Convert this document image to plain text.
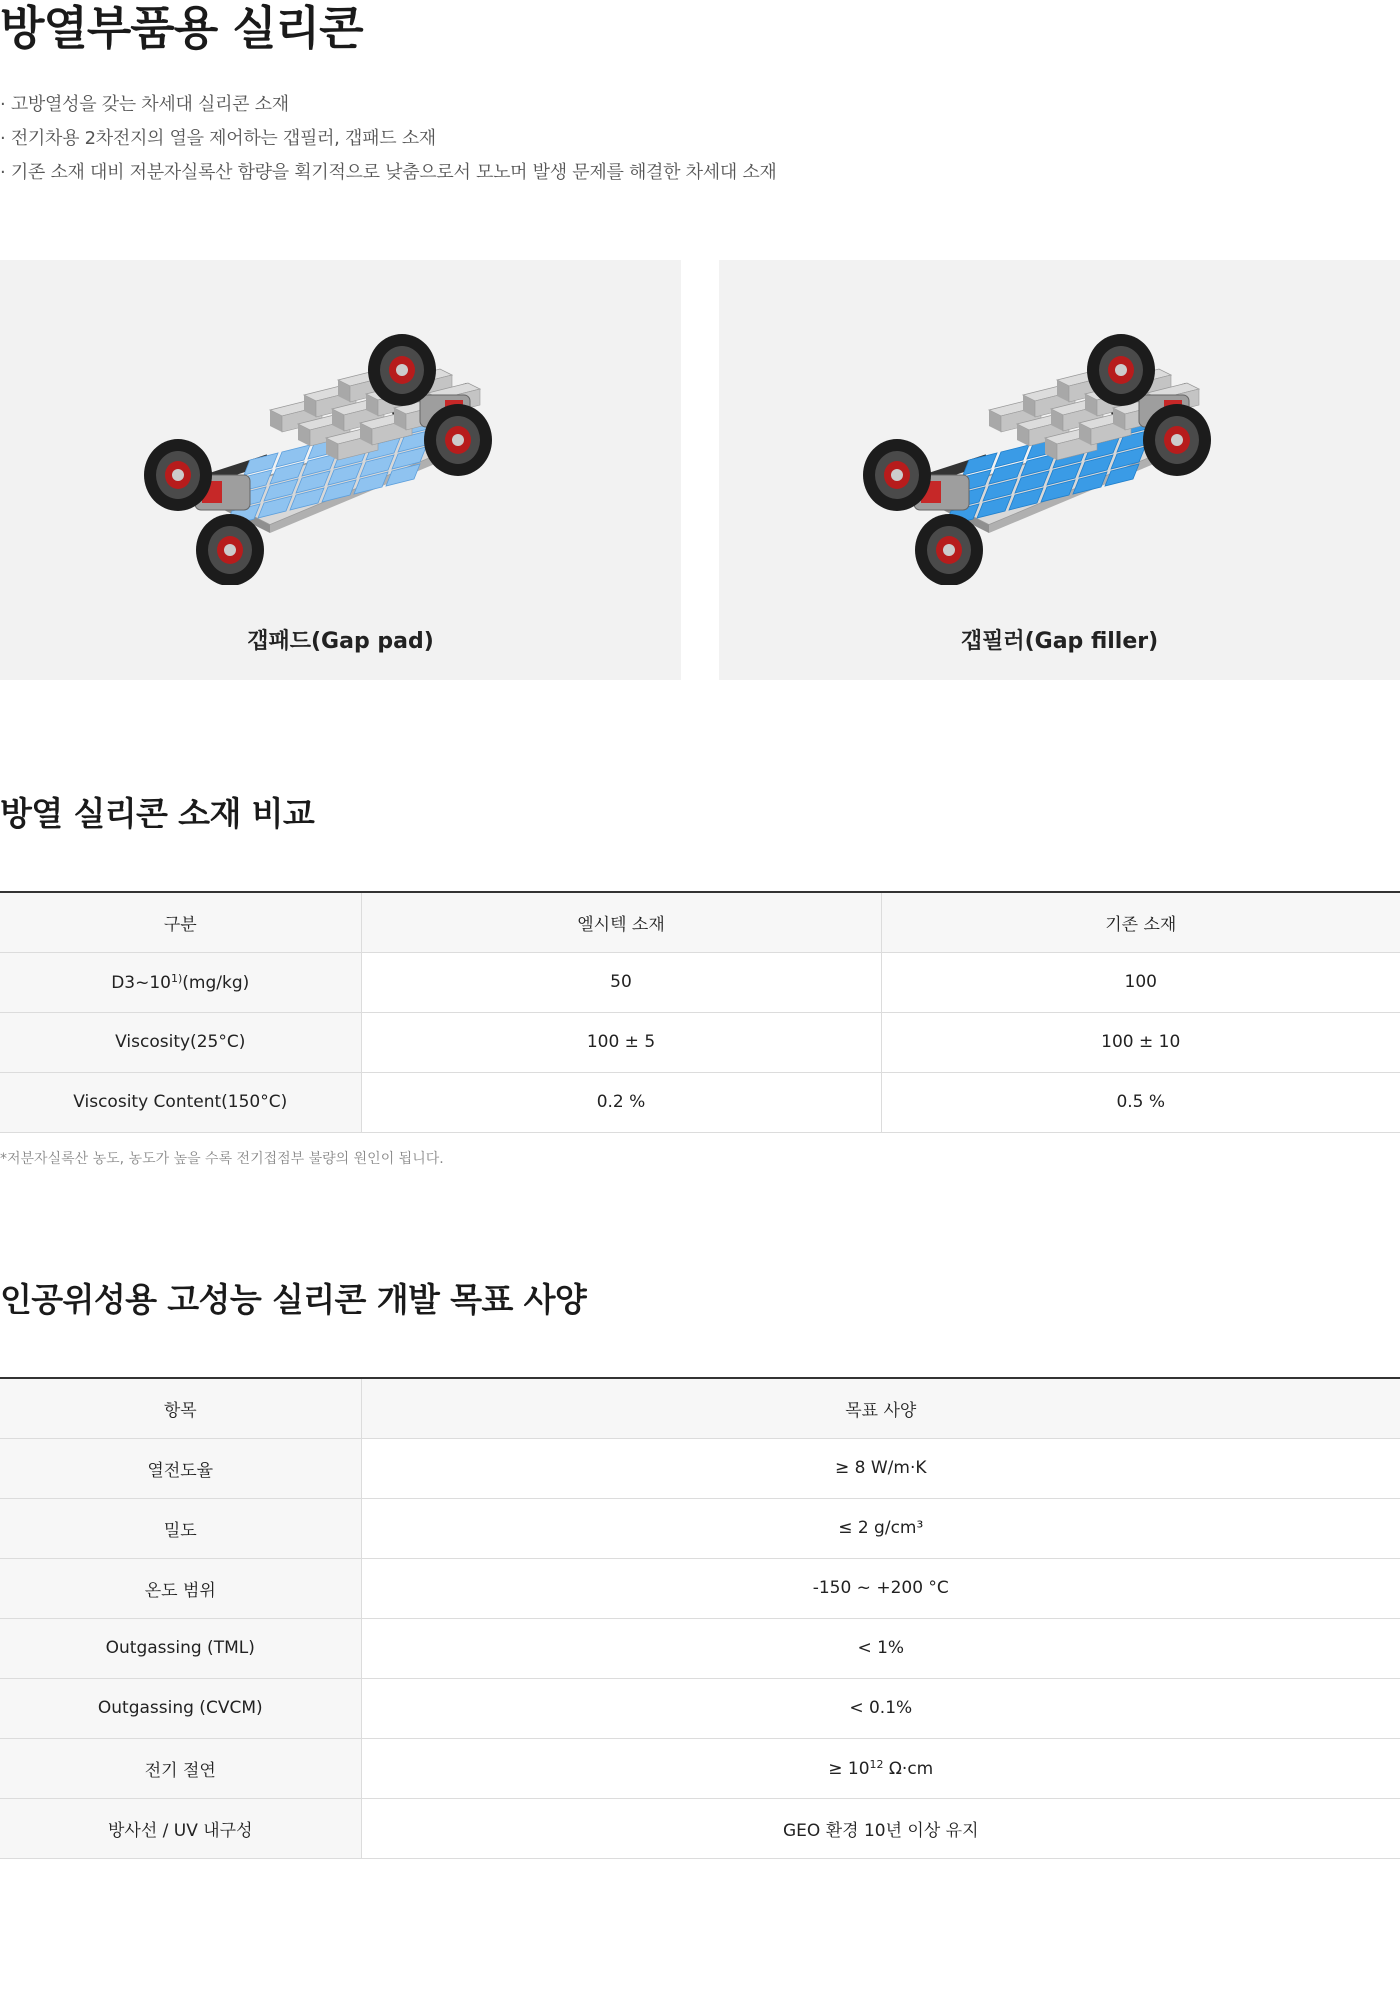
방열부품용 실리콘
· 고방열성을 갖는 차세대 실리콘 소재
· 전기차용 2차전지의 열을 제어하는 갭필러, 갭패드 소재
· 기존 소재 대비 저분자실록산 함량을 획기적으로 낮춤으로서 모노머 발생 문제를 해결한 차세대 소재
갭패드(Gap pad)	갭필러(Gap filler)
방열 실리콘 소재 비교
구분	엘시텍 소재	기존 소재
D3~10$^{1)}$(mg/kg)	50	100
Viscosity(25°C)	100 ± 5	100 ± 10
Viscosity Content(150°C)	0.2 %	0.5 %

*저분자실록산 농도, 농도가 높을 수록 전기접점부 불량의 원인이 됩니다.

인공위성용 고성능 실리콘 개발 목표 사양
항목	목표 사양
열전도율	≥ 8 W/m·K
밀도	≤ 2 g/cm³
온도 범위	-150 ~ +200 °C
Outgassing (TML)	< 1%
Outgassing (CVCM)	< 0.1%
전기 절연	≥ $10^{12}$ Ω·cm
방사선 / UV 내구성	GEO 환경 10년 이상 유지
